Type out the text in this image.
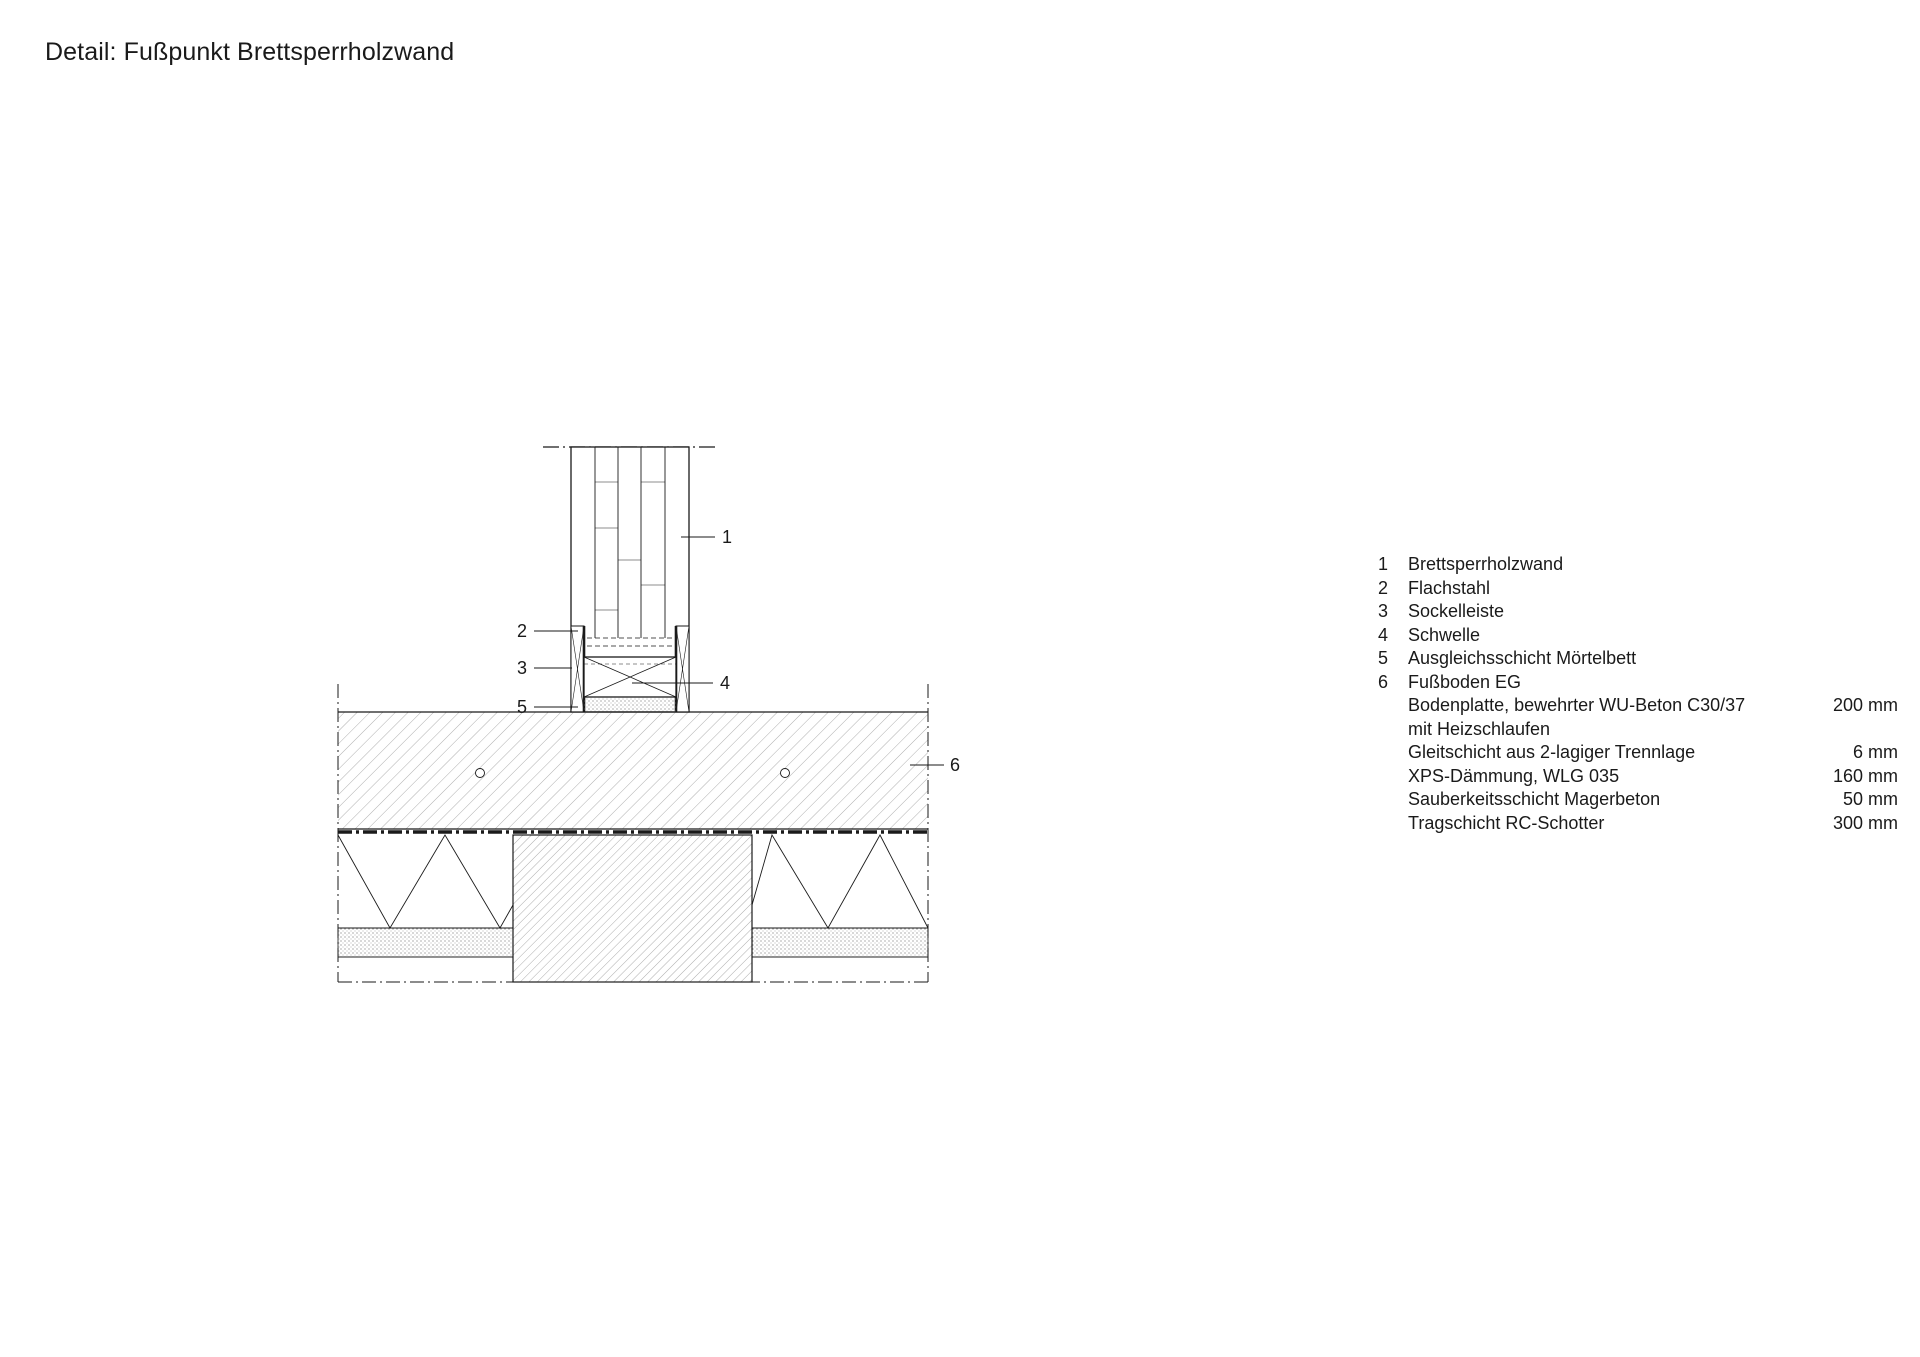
Detail: Fußpunkt Brettsperrholzwand
1
2
3
4
5
6
1	Brettsperrholzwand
2	Flachstahl
3	Sockelleiste
4	Schwelle
5	Ausgleichsschicht Mörtelbett
6	Fußboden EG
Bodenplatte, bewehrter WU-Beton C30/37	200 mm
mit Heizschlaufen
Gleitschicht aus 2-lagiger Trennlage	6 mm
XPS-Dämmung, WLG 035	160 mm
Sauberkeitsschicht Magerbeton	50 mm
Tragschicht RC-Schotter	300 mm
